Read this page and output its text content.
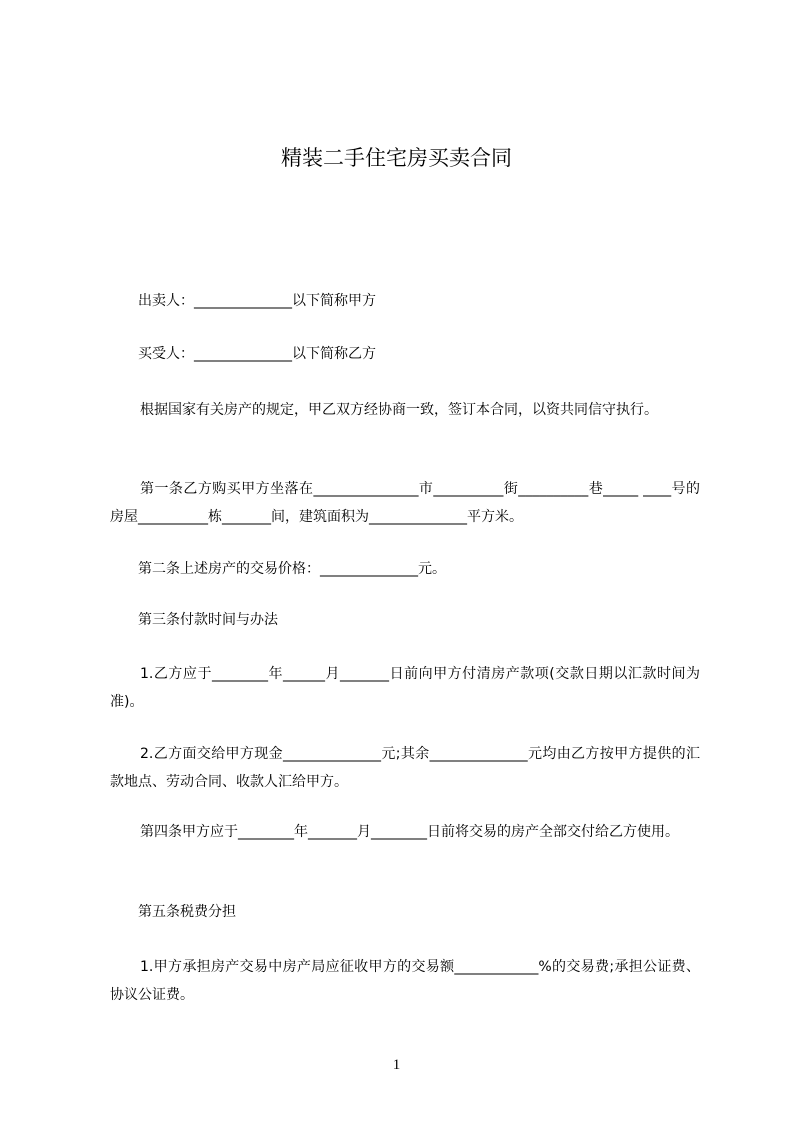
精装二手住宅房买卖合同
出卖人：______________以下简称甲方
买受人：______________以下简称乙方
根据国家有关房产的规定，甲乙双方经协商一致，签订本合同，以资共同信守执行。
第一条乙方购买甲方坐落在_______________市__________街__________巷_____ ____号的房屋__________栋_______间，建筑面积为______________平方米。
第二条上述房产的交易价格：______________元。
第三条付款时间与办法
1.乙方应于________年______月_______日前向甲方付清房产款项(交款日期以汇款时间为准)。
2.乙方面交给甲方现金______________元;其余______________元均由乙方按甲方提供的汇款地点、劳动合同、收款人汇给甲方。
第四条甲方应于________年_______月________日前将交易的房产全部交付给乙方使用。
第五条税费分担
1.甲方承担房产交易中房产局应征收甲方的交易额____________%的交易费;承担公证费、协议公证费。
1
